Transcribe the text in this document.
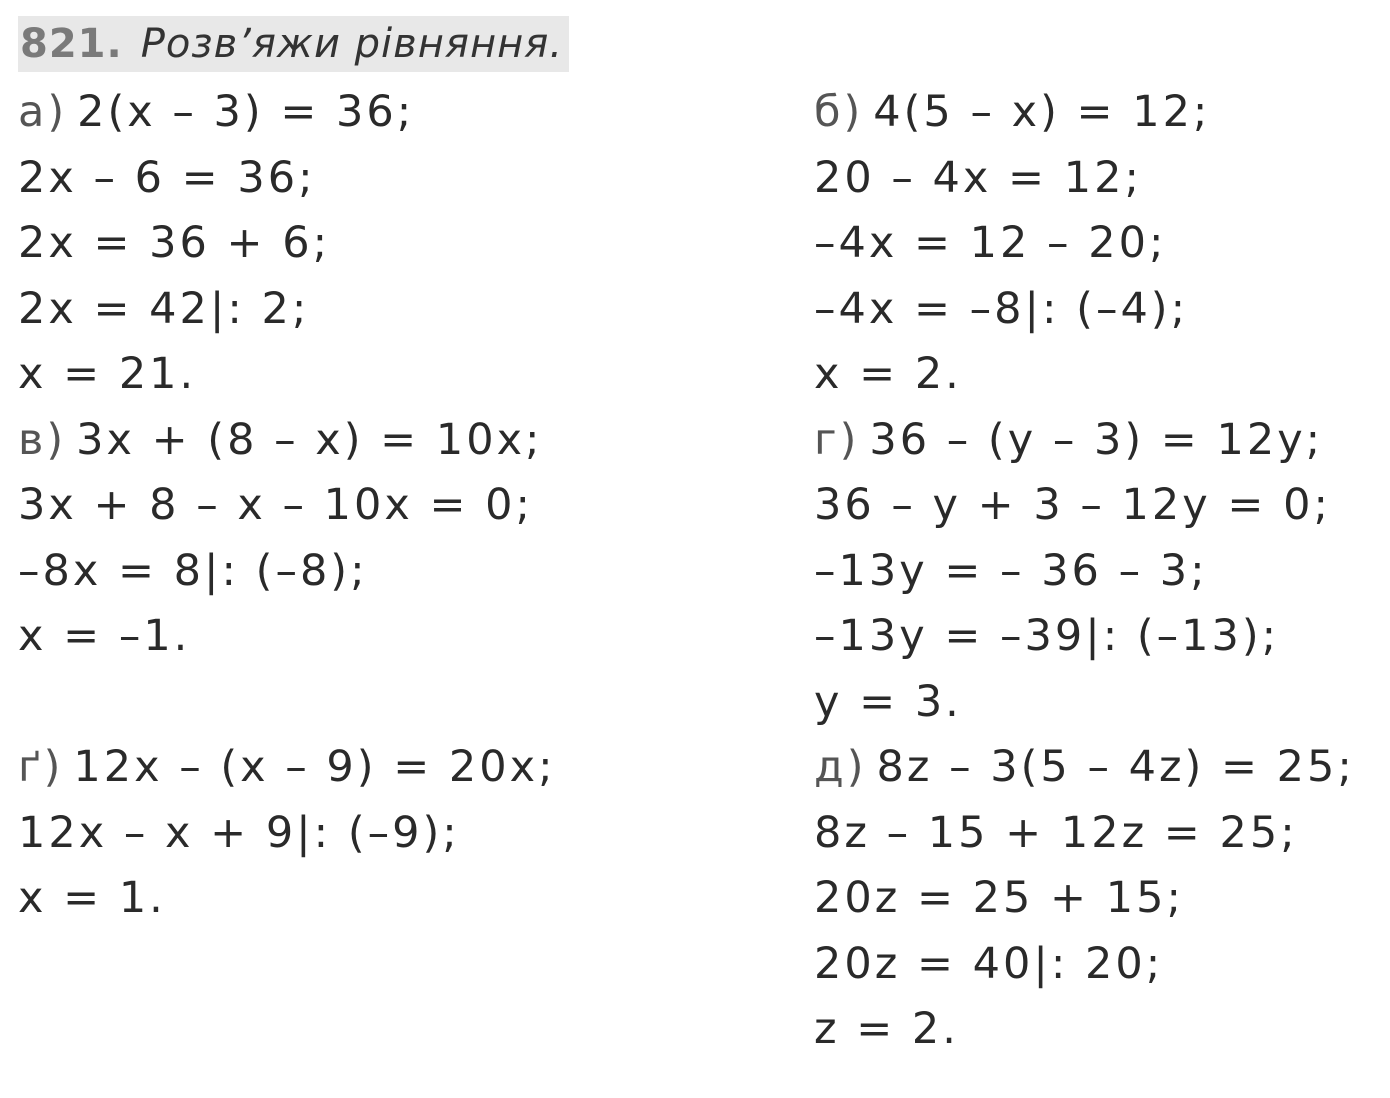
821. Розв’яжи рівняння.
а) 2(x – 3) = 36;
2x – 6 = 36;
2x = 36 + 6;
2x = 42|: 2;
x = 21.
в) 3x + (8 – x) = 10x;
3x + 8 – x – 10x = 0;
–8x = 8|: (–8);
x = –1.
ґ) 12x – (x – 9) = 20x;
12x – x + 9|: (–9);
x = 1.
б) 4(5 – x) = 12;
20 – 4x = 12;
–4x = 12 – 20;
–4x = –8|: (–4);
x = 2.
г) 36 – (y – 3) = 12y;
36 – y + 3 – 12y = 0;
–13y = – 36 – 3;
–13y = –39|: (–13);
y = 3.
д) 8z – 3(5 – 4z) = 25;
8z – 15 + 12z = 25;
20z = 25 + 15;
20z = 40|: 20;
z = 2.
